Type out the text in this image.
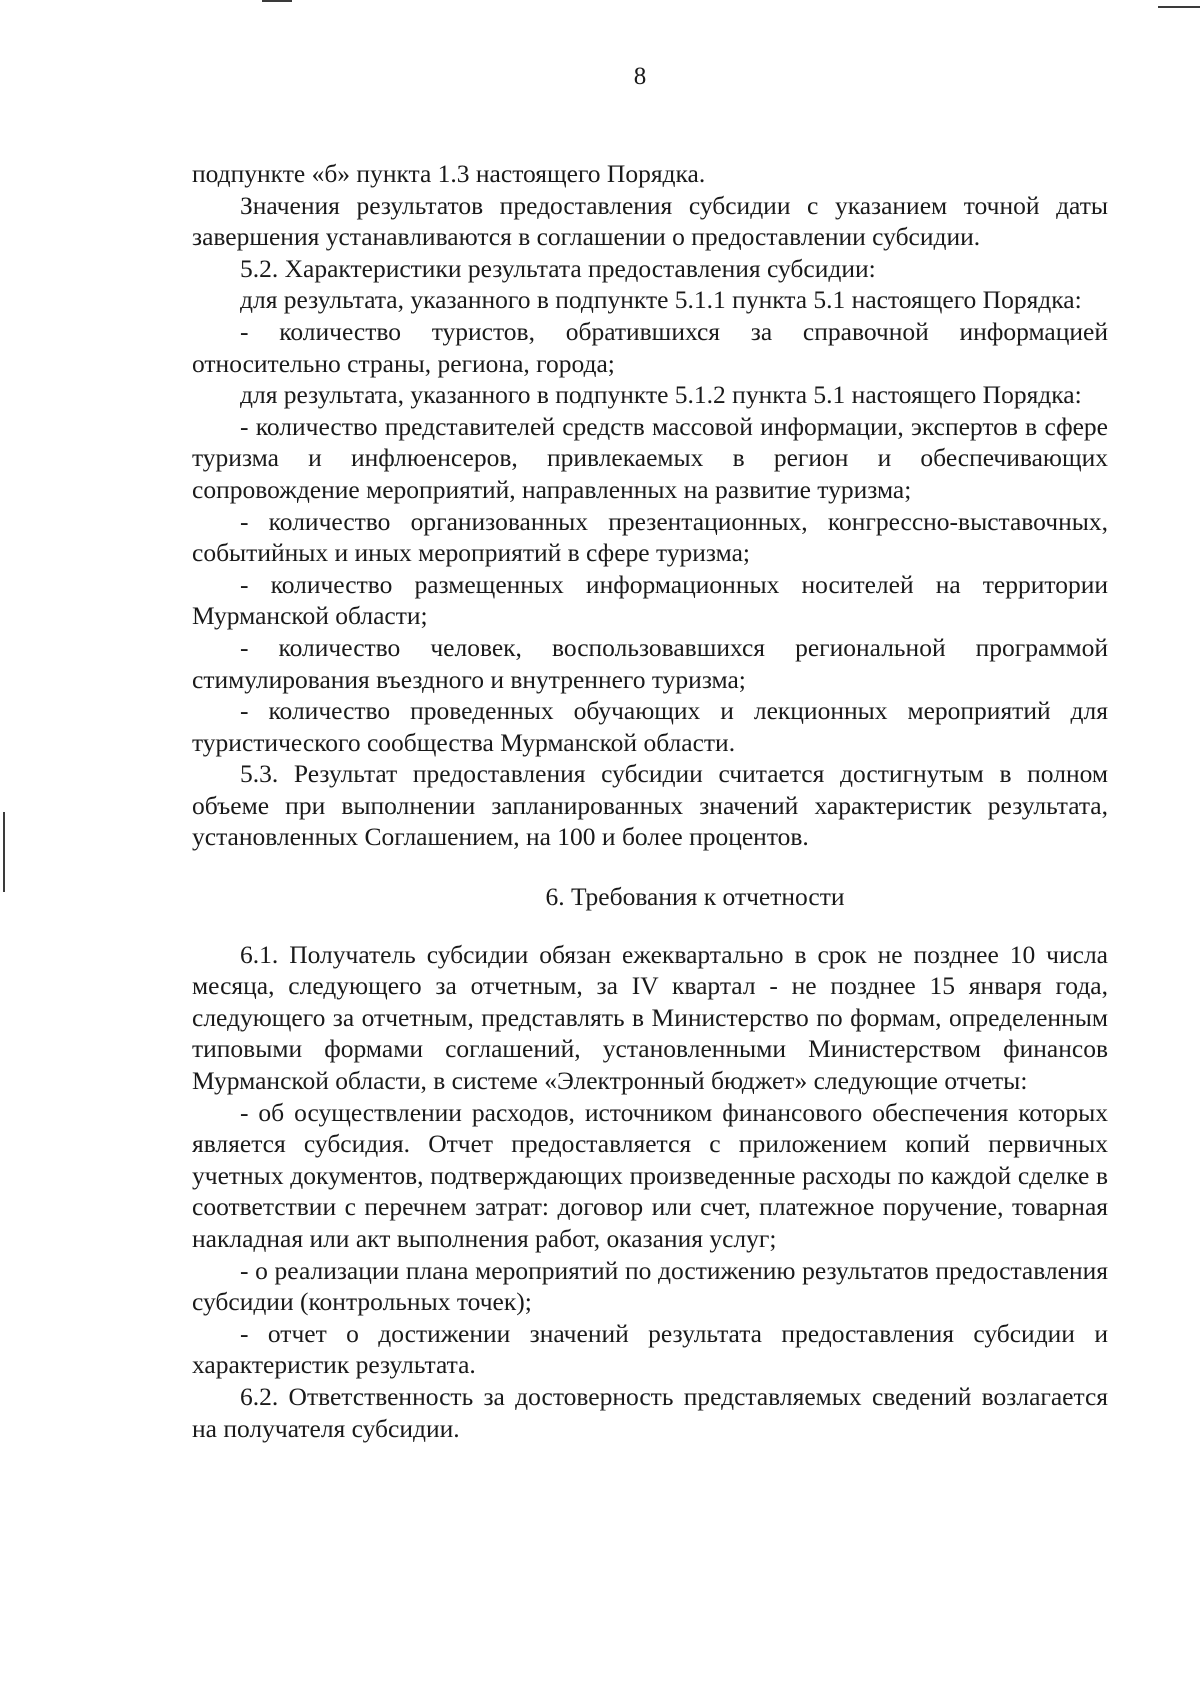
8

подпункте «б» пункта 1.3 настоящего Порядка.

Значения результатов предоставления субсидии с указанием точной даты завершения устанавливаются в соглашении о предоставлении субсидии.

5.2. Характеристики результата предоставления субсидии:

для результата, указанного в подпункте 5.1.1 пункта 5.1 настоящего Порядка:

- количество туристов, обратившихся за справочной информацией относительно страны, региона, города;

для результата, указанного в подпункте 5.1.2 пункта 5.1 настоящего Порядка:

- количество представителей средств массовой информации, экспертов в сфере туризма и инфлюенсеров, привлекаемых в регион и обеспечивающих сопровождение мероприятий, направленных на развитие туризма;

- количество организованных презентационных, конгрессно-выставочных, событийных и иных мероприятий в сфере туризма;

- количество размещенных информационных носителей на территории Мурманской области;

- количество человек, воспользовавшихся региональной программой стимулирования въездного и внутреннего туризма;

- количество проведенных обучающих и лекционных мероприятий для туристического сообщества Мурманской области.

5.3. Результат предоставления субсидии считается достигнутым в полном объеме при выполнении запланированных значений характеристик результата, установленных Соглашением, на 100 и более процентов.

6. Требования к отчетности

6.1. Получатель субсидии обязан ежеквартально в срок не позднее 10 числа месяца, следующего за отчетным, за IV квартал - не позднее 15 января года, следующего за отчетным, представлять в Министерство по формам, определенным типовыми формами соглашений, установленными Министерством финансов Мурманской области, в системе «Электронный бюджет» следующие отчеты:

- об осуществлении расходов, источником финансового обеспечения которых является субсидия. Отчет предоставляется с приложением копий первичных учетных документов, подтверждающих произведенные расходы по каждой сделке в соответствии с перечнем затрат: договор или счет, платежное поручение, товарная накладная или акт выполнения работ, оказания услуг;

- о реализации плана мероприятий по достижению результатов предоставления субсидии (контрольных точек);

- отчет о достижении значений результата предоставления субсидии и характеристик результата.

6.2. Ответственность за достоверность представляемых сведений возлагается на получателя субсидии.
